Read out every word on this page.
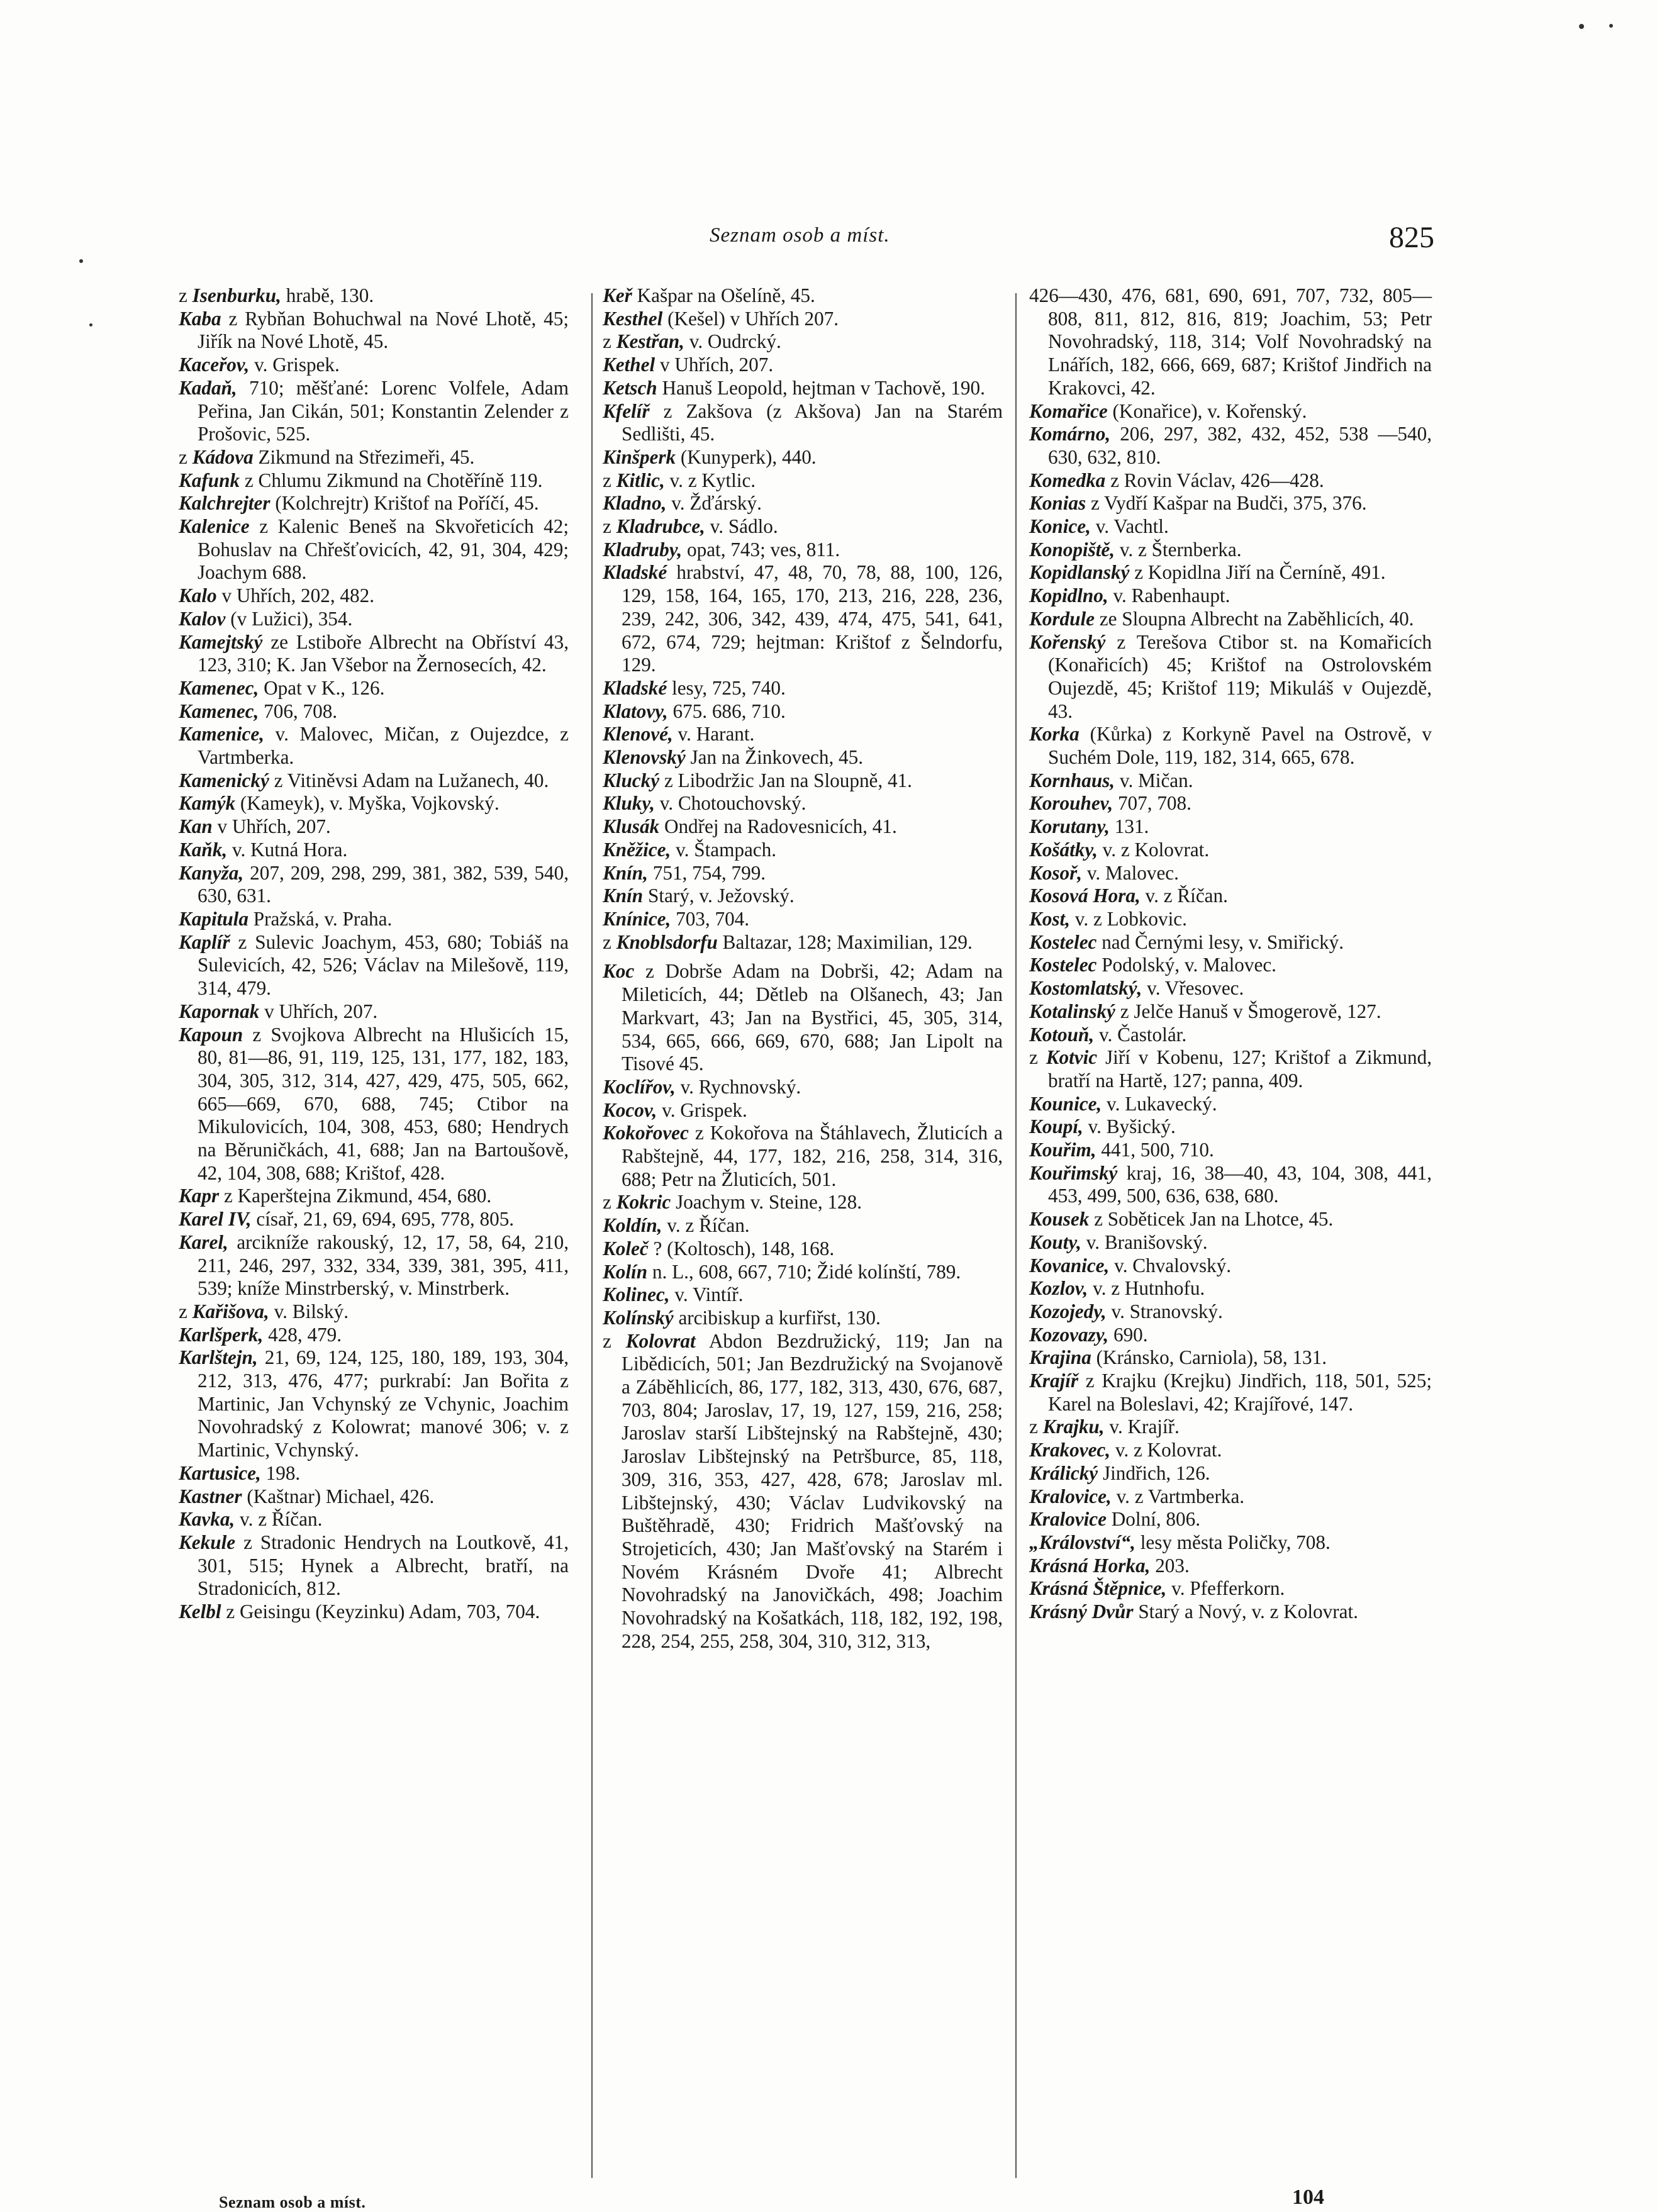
Seznam osob a míst.	825
z Isenburku, hrabě, 130.
Kaba z Rybňan Bohuchwal na Nové Lhotě, 45; Jiřík na Nové Lhotě, 45.
Kaceřov, v. Grispek.
Kadaň, 710; měšťané: Lorenc Volfele, Adam Peřina, Jan Cikán, 501; Konstantin Zelender z Prošovic, 525.
z Kádova Zikmund na Střezimeři, 45.
Kafunk z Chlumu Zikmund na Chotěříně 119.
Kalchrejter (Kolchrejtr) Krištof na Poříčí, 45.
Kalenice z Kalenic Beneš na Skvořeticích 42; Bohuslav na Chřešťovicích, 42, 91, 304, 429; Joachym 688.
Kalo v Uhřích, 202, 482.
Kalov (v Lužici), 354.
Kamejtský ze Lstiboře Albrecht na Obříství 43, 123, 310; K. Jan Všebor na Žernosecích, 42.
Kamenec, Opat v K., 126.
Kamenec, 706, 708.
Kamenice, v. Malovec, Mičan, z Oujezdce, z Vartmberka.
Kamenický z Vitiněvsi Adam na Lužanech, 40.
Kamýk (Kameyk), v. Myška, Vojkovský.
Kan v Uhřích, 207.
Kaňk, v. Kutná Hora.
Kanyža, 207, 209, 298, 299, 381, 382, 539, 540, 630, 631.
Kapitula Pražská, v. Praha.
Kaplíř z Sulevic Joachym, 453, 680; Tobiáš na Sulevicích, 42, 526; Václav na Milešově, 119, 314, 479.
Kapornak v Uhřích, 207.
Kapoun z Svojkova Albrecht na Hlušicích 15, 80, 81—86, 91, 119, 125, 131, 177, 182, 183, 304, 305, 312, 314, 427, 429, 475, 505, 662, 665—669, 670, 688, 745; Ctibor na Mikulovicích, 104, 308, 453, 680; Hendrych na Běruničkách, 41, 688; Jan na Bartoušově, 42, 104, 308, 688; Krištof, 428.
Kapr z Kaperštejna Zikmund, 454, 680.
Karel IV, císař, 21, 69, 694, 695, 778, 805.
Karel, arcikníže rakouský, 12, 17, 58, 64, 210, 211, 246, 297, 332, 334, 339, 381, 395, 411, 539; kníže Minstrberský, v. Minstrberk.
z Kařišova, v. Bilský.
Karlšperk, 428, 479.
Karlštejn, 21, 69, 124, 125, 180, 189, 193, 304, 212, 313, 476, 477; purkrabí: Jan Bořita z Martinic, Jan Vchynský ze Vchynic, Joachim Novohradský z Kolowrat; manové 306; v. z Martinic, Vchynský.
Kartusice, 198.
Kastner (Kaštnar) Michael, 426.
Kavka, v. z Říčan.
Kekule z Stradonic Hendrych na Loutkově, 41, 301, 515; Hynek a Albrecht, bratří, na Stradonicích, 812.
Kelbl z Geisingu (Keyzinku) Adam, 703, 704.
Keř Kašpar na Ošelíně, 45.
Kesthel (Kešel) v Uhřích 207.
z Kestřan, v. Oudrcký.
Kethel v Uhřích, 207.
Ketsch Hanuš Leopold, hejtman v Tachově, 190.
Kfelíř z Zakšova (z Akšova) Jan na Starém Sedlišti, 45.
Kinšperk (Kunyperk), 440.
z Kitlic, v. z Kytlic.
Kladno, v. Žďárský.
z Kladrubce, v. Sádlo.
Kladruby, opat, 743; ves, 811.
Kladské hrabství, 47, 48, 70, 78, 88, 100, 126, 129, 158, 164, 165, 170, 213, 216, 228, 236, 239, 242, 306, 342, 439, 474, 475, 541, 641, 672, 674, 729; hejtman: Krištof z Šelndorfu, 129.
Kladské lesy, 725, 740.
Klatovy, 675. 686, 710.
Klenové, v. Harant.
Klenovský Jan na Žinkovech, 45.
Klucký z Libodržic Jan na Sloupně, 41.
Kluky, v. Chotouchovský.
Klusák Ondřej na Radovesnicích, 41.
Kněžice, v. Štampach.
Knín, 751, 754, 799.
Knín Starý, v. Ježovský.
Knínice, 703, 704.
z Knoblsdorfu Baltazar, 128; Maximilian, 129.
Koc z Dobrše Adam na Dobrši, 42; Adam na Mileticích, 44; Dětleb na Olšanech, 43; Jan Markvart, 43; Jan na Bystřici, 45, 305, 314, 534, 665, 666, 669, 670, 688; Jan Lipolt na Tisové 45.
Koclířov, v. Rychnovský.
Kocov, v. Grispek.
Kokořovec z Kokořova na Štáhlavech, Žluticích a Rabštejně, 44, 177, 182, 216, 258, 314, 316, 688; Petr na Žluticích, 501.
z Kokric Joachym v. Steine, 128.
Koldín, v. z Říčan.
Koleč ? (Koltosch), 148, 168.
Kolín n. L., 608, 667, 710; Židé kolínští, 789.
Kolinec, v. Vintíř.
Kolínský arcibiskup a kurfiřst, 130.
z Kolovrat Abdon Bezdružický, 119; Jan na Libědicích, 501; Jan Bezdružický na Svojanově a Záběhlicích, 86, 177, 182, 313, 430, 676, 687, 703, 804; Jaroslav, 17, 19, 127, 159, 216, 258; Jaroslav starší Libštejnský na Rabštejně, 430; Jaroslav Libštejnský na Petršburce, 85, 118, 309, 316, 353, 427, 428, 678; Jaroslav ml. Libštejnský, 430; Václav Ludvikovský na Buštěhradě, 430; Fridrich Mašťovský na Strojeticích, 430; Jan Mašťovský na Starém i Novém Krásném Dvoře 41; Albrecht Novohradský na Janovičkách, 498; Joachim Novohradský na Košatkách, 118, 182, 192, 198, 228, 254, 255, 258, 304, 310, 312, 313,
426—430, 476, 681, 690, 691, 707, 732, 805—808, 811, 812, 816, 819; Joachim, 53; Petr Novohradský, 118, 314; Volf Novohradský na Lnářích, 182, 666, 669, 687; Krištof Jindřich na Krakovci, 42.
Komařice (Konařice), v. Kořenský.
Komárno, 206, 297, 382, 432, 452, 538 —540, 630, 632, 810.
Komedka z Rovin Václav, 426—428.
Konias z Vydří Kašpar na Budči, 375, 376.
Konice, v. Vachtl.
Konopiště, v. z Šternberka.
Kopidlanský z Kopidlna Jiří na Černíně, 491.
Kopidlno, v. Rabenhaupt.
Kordule ze Sloupna Albrecht na Zaběhlicích, 40.
Kořenský z Terešova Ctibor st. na Komařicích (Konařicích) 45; Krištof na Ostrolovském Oujezdě, 45; Krištof 119; Mikuláš v Oujezdě, 43.
Korka (Kůrka) z Korkyně Pavel na Ostrově, v Suchém Dole, 119, 182, 314, 665, 678.
Kornhaus, v. Mičan.
Korouhev, 707, 708.
Korutany, 131.
Košátky, v. z Kolovrat.
Kosoř, v. Malovec.
Kosová Hora, v. z Říčan.
Kost, v. z Lobkovic.
Kostelec nad Černými lesy, v. Smiřický.
Kostelec Podolský, v. Malovec.
Kostomlatský, v. Vřesovec.
Kotalinský z Jelče Hanuš v Šmogerově, 127.
Kotouň, v. Častolár.
z Kotvic Jiří v Kobenu, 127; Krištof a Zikmund, bratří na Hartě, 127; panna, 409.
Kounice, v. Lukavecký.
Koupí, v. Byšický.
Kouřim, 441, 500, 710.
Kouřimský kraj, 16, 38—40, 43, 104, 308, 441, 453, 499, 500, 636, 638, 680.
Kousek z Soběticek Jan na Lhotce, 45.
Kouty, v. Branišovský.
Kovanice, v. Chvalovský.
Kozlov, v. z Hutnhofu.
Kozojedy, v. Stranovský.
Kozovazy, 690.
Krajina (Kránsko, Carniola), 58, 131.
Krajíř z Krajku (Krejku) Jindřich, 118, 501, 525; Karel na Boleslavi, 42; Krajířové, 147.
z Krajku, v. Krajíř.
Krakovec, v. z Kolovrat.
Králický Jindřich, 126.
Kralovice, v. z Vartmberka.
Kralovice Dolní, 806.
„Království“, lesy města Poličky, 708.
Krásná Horka, 203.
Krásná Štěpnice, v. Pfefferkorn.
Krásný Dvůr Starý a Nový, v. z Kolovrat.
Seznam osob a míst.	104
